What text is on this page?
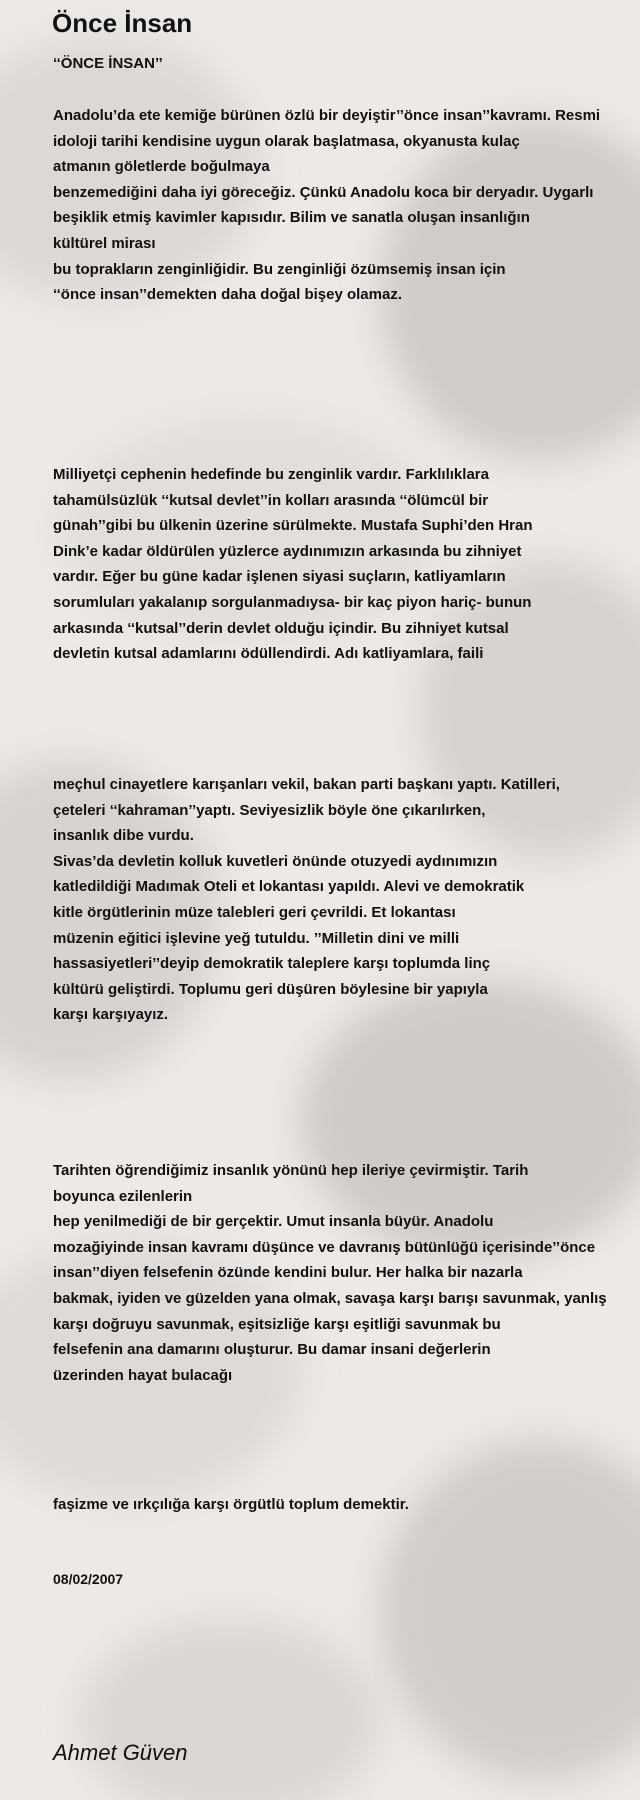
Önce İnsan
‘‘ÖNCE İNSAN’’
Anadolu’da ete kemiğe bürünen özlü bir deyiştir’’önce insan’’kavramı. Resmi
idoloji tarihi kendisine uygun olarak başlatmasa, okyanusta kulaç
atmanın göletlerde boğulmaya
benzemediğini daha iyi göreceğiz. Çünkü Anadolu koca bir deryadır. Uygarlı
beşiklik etmiş kavimler kapısıdır. Bilim ve sanatla oluşan insanlığın
kültürel mirası
bu toprakların zenginliğidir. Bu zenginliği özümsemiş insan için
‘‘önce insan’’demekten daha doğal bişey olamaz.
Milliyetçi cephenin hedefinde bu zenginlik vardır. Farklılıklara
tahamülsüzlük ‘‘kutsal devlet’’in kolları arasında ‘‘ölümcül bir
günah’’gibi bu ülkenin üzerine sürülmekte. Mustafa Suphi’den Hran
Dink’e kadar öldürülen yüzlerce aydınımızın arkasında bu zihniyet
vardır. Eğer bu güne kadar işlenen siyasi suçların, katliyamların
sorumluları yakalanıp sorgulanmadıysa- bir kaç piyon hariç- bunun
arkasında ‘‘kutsal’’derin devlet olduğu içindir. Bu zihniyet kutsal
devletin kutsal adamlarını ödüllendirdi. Adı katliyamlara, faili
meçhul cinayetlere karışanları vekil, bakan parti başkanı yaptı. Katilleri,
çeteleri ‘‘kahraman’’yaptı. Seviyesizlik böyle öne çıkarılırken,
insanlık dibe vurdu.
Sivas’da devletin kolluk kuvetleri önünde otuzyedi aydınımızın
katledildiği Madımak Oteli et lokantası yapıldı. Alevi ve demokratik
kitle örgütlerinin müze talebleri geri çevrildi. Et lokantası
müzenin eğitici işlevine yeğ tutuldu. ’’Milletin dini ve milli
hassasiyetleri’’deyip demokratik taleplere karşı toplumda linç
kültürü geliştirdi. Toplumu geri düşüren böylesine bir yapıyla
karşı karşıyayız.
Tarihten öğrendiğimiz insanlık yönünü hep ileriye çevirmiştir. Tarih
boyunca ezilenlerin
hep yenilmediği de bir gerçektir. Umut insanla büyür. Anadolu
mozağiyinde insan kavramı düşünce ve davranış bütünlüğü içerisinde’’önce
insan’’diyen felsefenin özünde kendini bulur. Her halka bir nazarla
bakmak, iyiden ve güzelden yana olmak, savaşa karşı barışı savunmak, yanlış
karşı doğruyu savunmak, eşitsizliğe karşı eşitliği savunmak bu
felsefenin ana damarını oluşturur. Bu damar insani değerlerin
üzerinden hayat bulacağı
faşizme ve ırkçılığa karşı örgütlü toplum demektir.
08/02/2007
Ahmet Güven
